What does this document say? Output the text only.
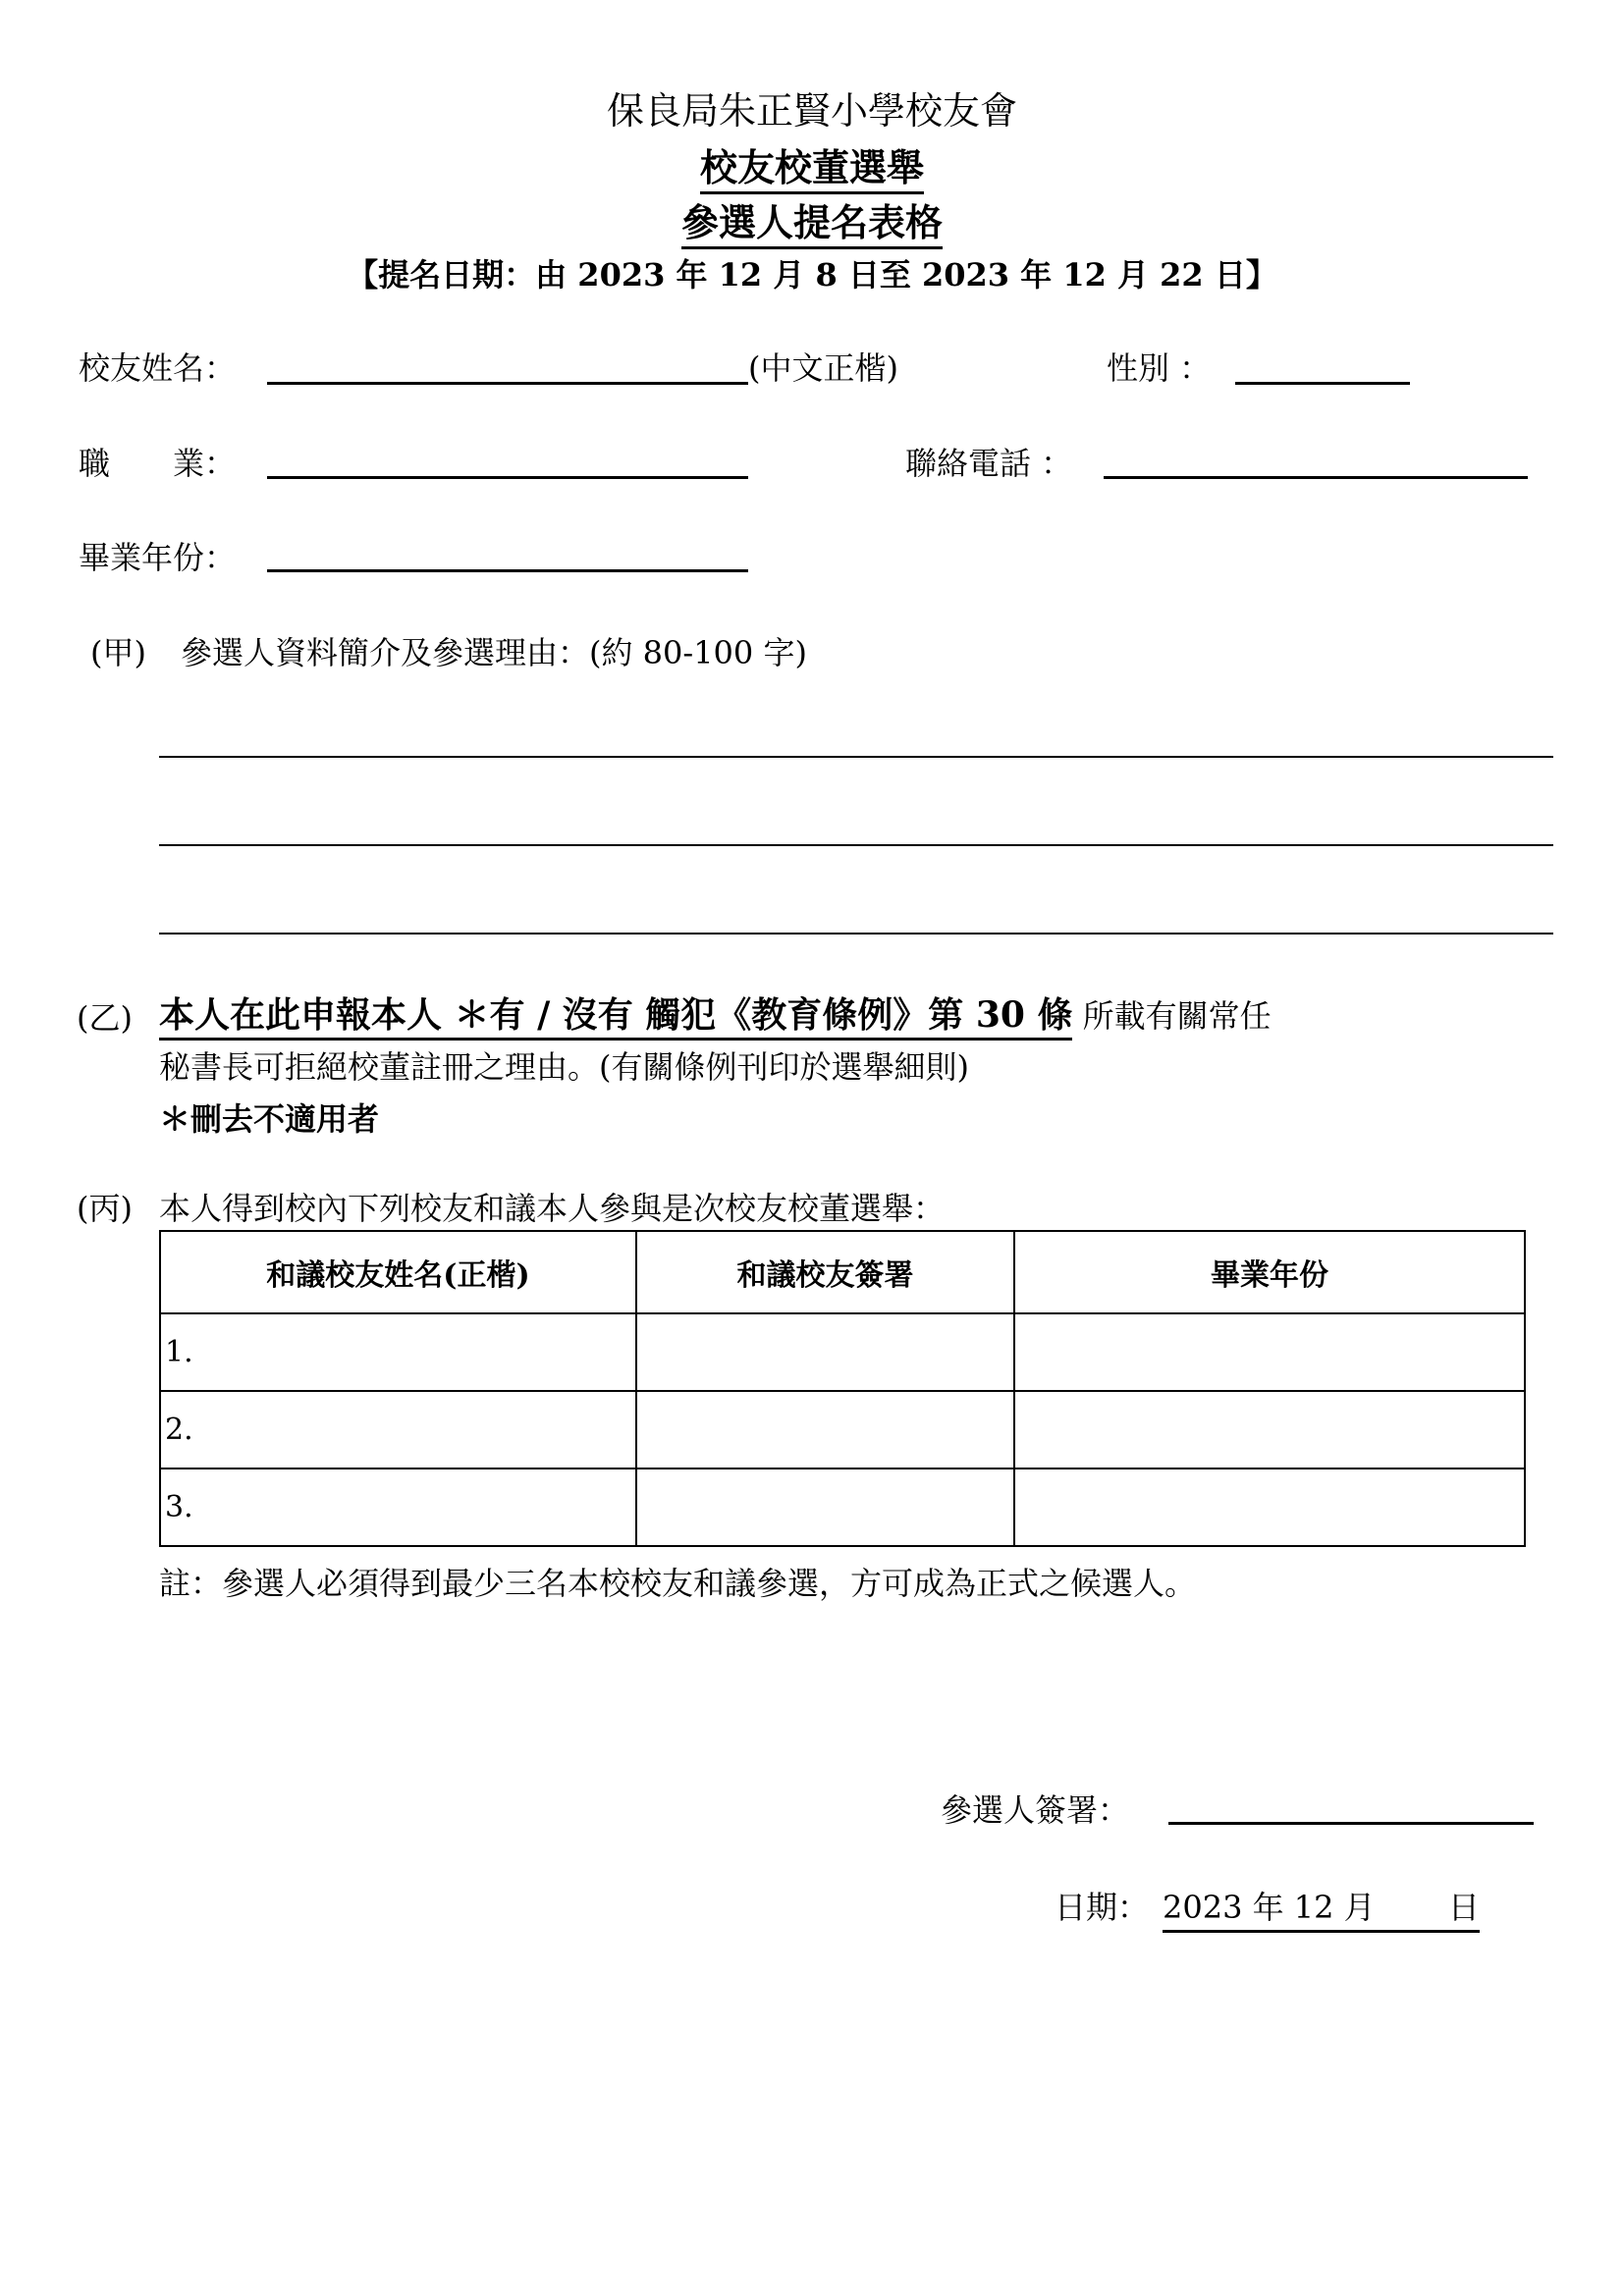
保良局朱正賢小學校友會
校友校董選舉
參選人提名表格
【提名日期：由 2023 年 12 月 8 日至 2023 年 12 月 22 日】
校友姓名：	(中文正楷)	性別 ：
職　　業：	聯絡電話 ：
畢業年份：
(甲) 參選人資料簡介及參選理由：(約 80-100 字)
(乙) 本人在此申報本人 ＊有 / 沒有 觸犯《教育條例》第 30 條 所載有關常任
秘書長可拒絕校董註冊之理由。(有關條例刊印於選舉細則)
＊刪去不適用者
(丙) 本人得到校內下列校友和議本人參與是次校友校董選舉：
和議校友姓名(正楷)	和議校友簽署	畢業年份
1.		
2.		
3.		
註：參選人必須得到最少三名本校校友和議參選，方可成為正式之候選人。
參選人簽署：
日期： 2023 年 12 月　　 日
